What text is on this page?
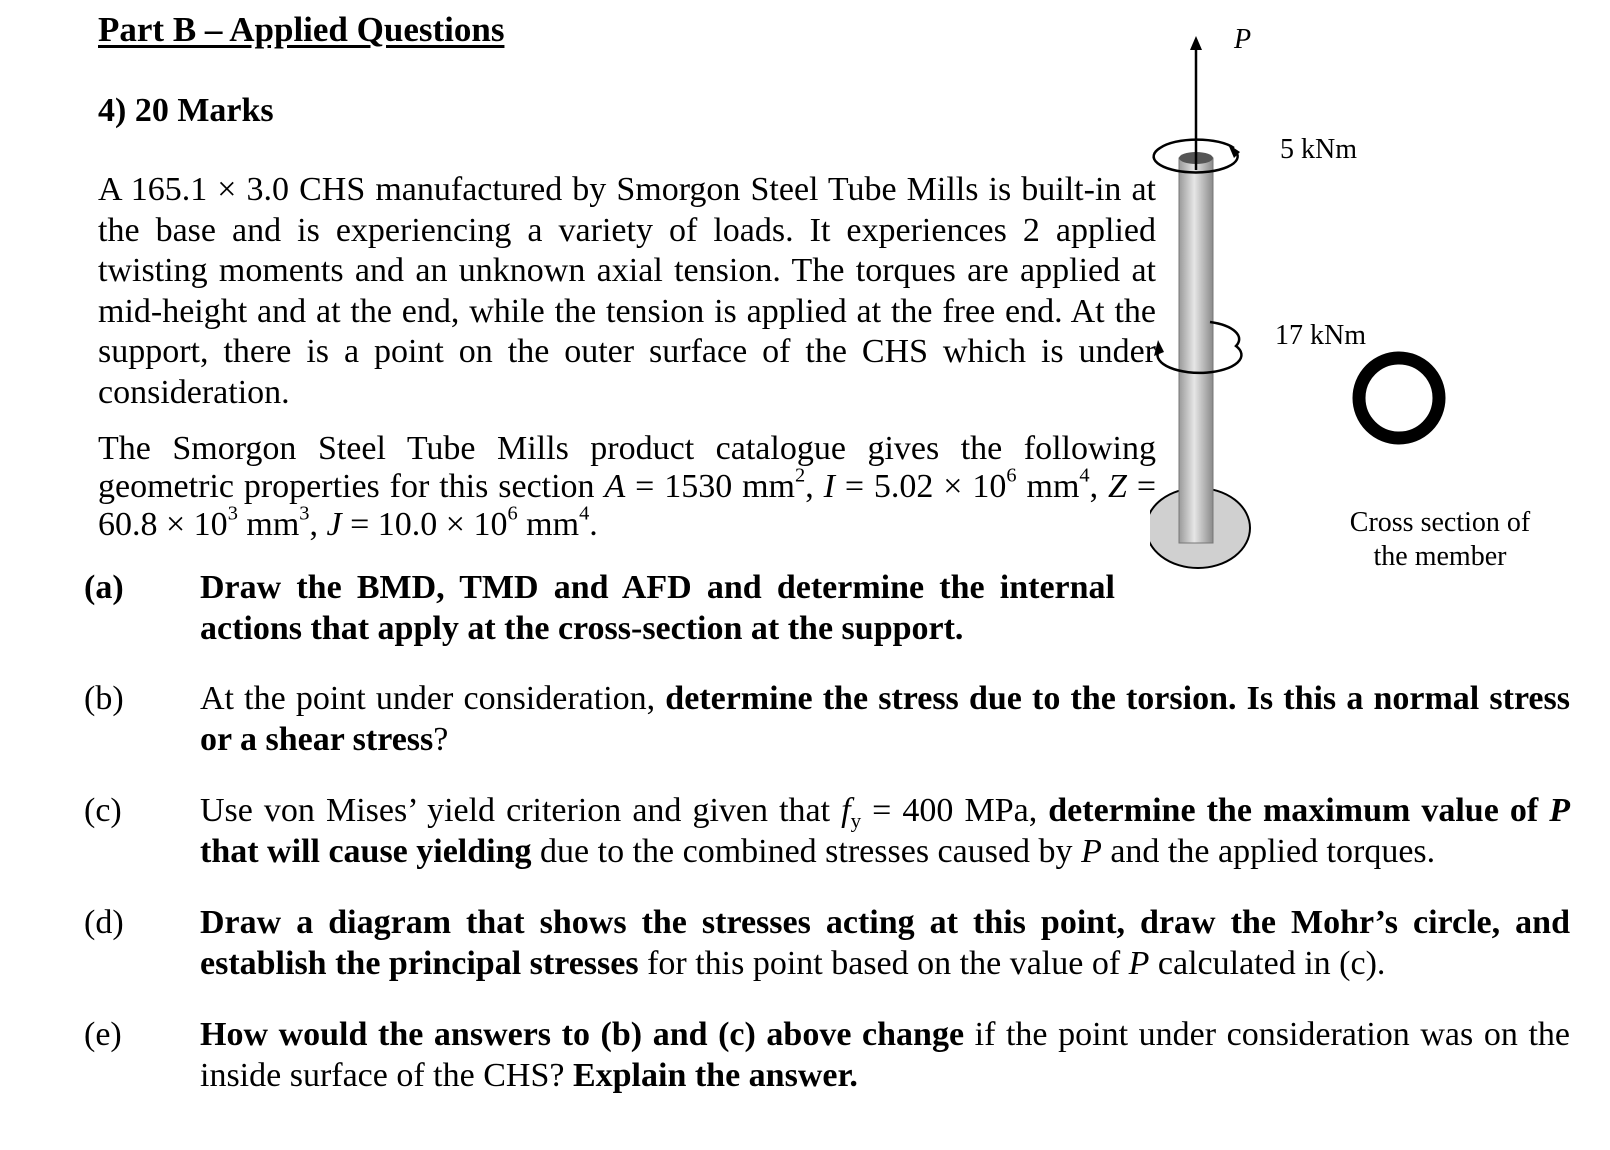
Part B – Applied Questions
4) 20 Marks
A 165.1 × 3.0 CHS manufactured by Smorgon Steel Tube Mills is built-in at the base and is experiencing a variety of loads. It experiences 2 applied twisting moments and an unknown axial tension. The torques are applied at mid-height and at the end, while the tension is applied at the free end. At the support, there is a point on the outer surface of the CHS which is under consideration.
The Smorgon Steel Tube Mills product catalogue gives the following geometric properties for this section A = 1530 $mm^2$, $I = 5.02 \times 10^6$ $mm^4$, $Z = 60.8 \times 10^3$ $mm^3$, $J = 10.0 \times 10^6$ $mm^4$.
P
5 kNm
17 kNm
Cross section of
the member
(a) Draw the BMD, TMD and AFD and determine the internal actions that apply at the cross-section at the support.
(b) At the point under consideration, determine the stress due to the torsion. Is this a normal stress or a shear stress?
(c) Use von Mises’ yield criterion and given that $f_y = 400$ MPa, determine the maximum value of P that will cause yielding due to the combined stresses caused by P and the applied torques.
(d) Draw a diagram that shows the stresses acting at this point, draw the Mohr’s circle, and establish the principal stresses for this point based on the value of P calculated in (c).
(e) How would the answers to (b) and (c) above change if the point under consideration was on the inside surface of the CHS? Explain the answer.
